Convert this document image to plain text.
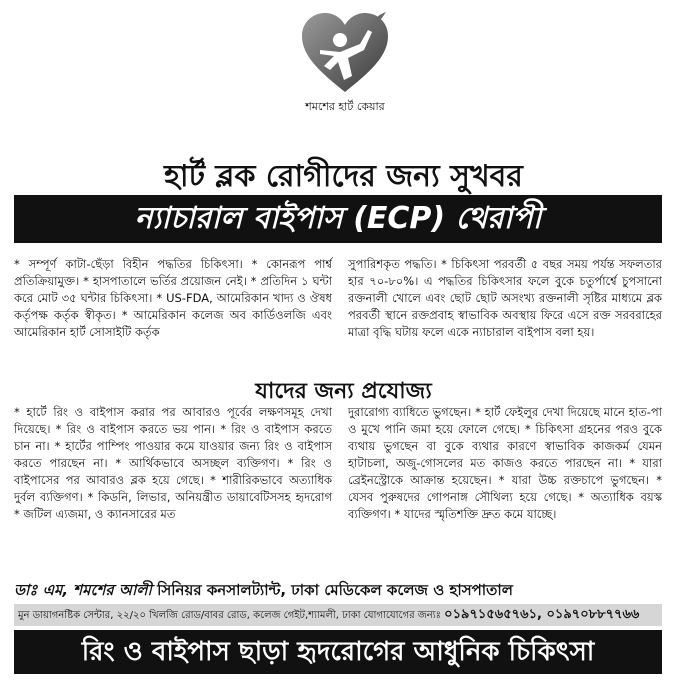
শমশের হার্ট কেয়ার
হার্ট ব্লক রোগীদের জন্য সুখবর
ন্যাচারাল বাইপাস (ECP) থেরাপী
* সম্পূর্ণ কাটা-ছেঁড়া বিহীন পদ্ধতির চিকিৎসা। * কোনরূপ পার্শ্ব প্রতিক্রিয়ামুক্ত। * হাসপাতালে ভর্তির প্রয়োজন নেই। * প্রতিদিন ১ ঘন্টা করে মোট ৩৫ ঘন্টার চিকিৎসা। * US-FDA, আমেরিকান খাদ্য ও ঔষধ কর্তৃপক্ষ কর্তৃক স্বীকৃত। * আমেরিকান কলেজ অব কার্ডিওলজি এবং আমেরিকান হার্ট সোসাইটি কর্তৃক
সুপারিশকৃত পদ্ধতি। * চিকিৎসা পরবর্তী ৫ বছর সময় পর্যন্ত সফলতার হার ৭০-৮০%। এ পদ্ধতির চিকিৎসার ফলে বুকে চতুর্পার্শ্বে চুপসানো রক্তনালী খোলে এবং ছোট ছোট অসংখ্য রক্তনালী সৃষ্টির মাধ্যমে ব্লক পরবর্তী স্থানে রক্তপ্রবাহ স্বাভাবিক অবস্থায় ফিরে এসে রক্ত সরবরাহের মাত্রা বৃদ্ধি ঘটায় ফলে একে ন্যাচারাল বাইপাস বলা হয়।
যাদের জন্য প্রযোজ্য
* হার্টে রিং ও বাইপাস করার পর আবারও পূর্বের লক্ষণসমূহ দেখা দিয়েছে। * রিং ও বাইপাস করতে ভয় পান। * রিং ও বাইপাস করতে চান না। * হার্টের পাম্পিং পাওয়ার কমে যাওয়ার জন্য রিং ও বাইপাস করতে পারছেন না। * আর্থিকভাবে অসচ্ছল ব্যক্তিগণ। * রিং ও বাইপাসের পর আবারও ব্লক হয়ে গেছে। * শারীরিকভাবে অত্যাধিক দুর্বল ব্যক্তিগণ। * কিডনি, লিভার, অনিয়ন্ত্রীত ডায়াবেটিসসহ হৃদরোগ * জটিল এ্যজমা, ও ক্যানসারের মত
দুরারোগ্য ব্যাধিতে ভুগছেন। * হার্ট ফেইলুর দেখা দিয়েছে মানে হাত-পা ও মুখে পানি জমা হয়ে ফোলে গেছে। * চিকিৎসা গ্রহনের পরও বুকে ব্যথায় ভুগছেন বা বুকে ব্যথার কারণে স্বাভাবিক কাজকর্ম যেমন হাটাচলা, অজু-গোসলের মত কাজও করতে পারছেন না। * যারা ব্রেইনস্ট্রোকে আক্রান্ত হয়েছেন। * যারা উচ্চ রক্তচাপে ভুগছেন। * যেসব পুরুষদের গোপনাঙ্গ সৌথিল্য হয়ে গেছে। * অত্যাধিক বয়স্ক ব্যক্তিগণ। * যাদের স্মৃতিশক্তি দ্রুত কমে যাচ্ছে।
ডাঃ এম, শমশের আলী সিনিয়র কনসালট্যান্ট, ঢাকা মেডিকেল কলেজ ও হাসপাতাল
মুন ডায়াগনষ্টিক সেন্টার, ২২/২০ খিলজি রোড/বাবর রোড, কলেজ গেইট,শ্যামলী, ঢাকা যোগাযোগের জন্যঃ ০১৯৭১৫৬৫৭৬১, ০১৯৭০৮৮৭৭৬৬
রিং ও বাইপাস ছাড়া হৃদরোগের আধুনিক চিকিৎসা
